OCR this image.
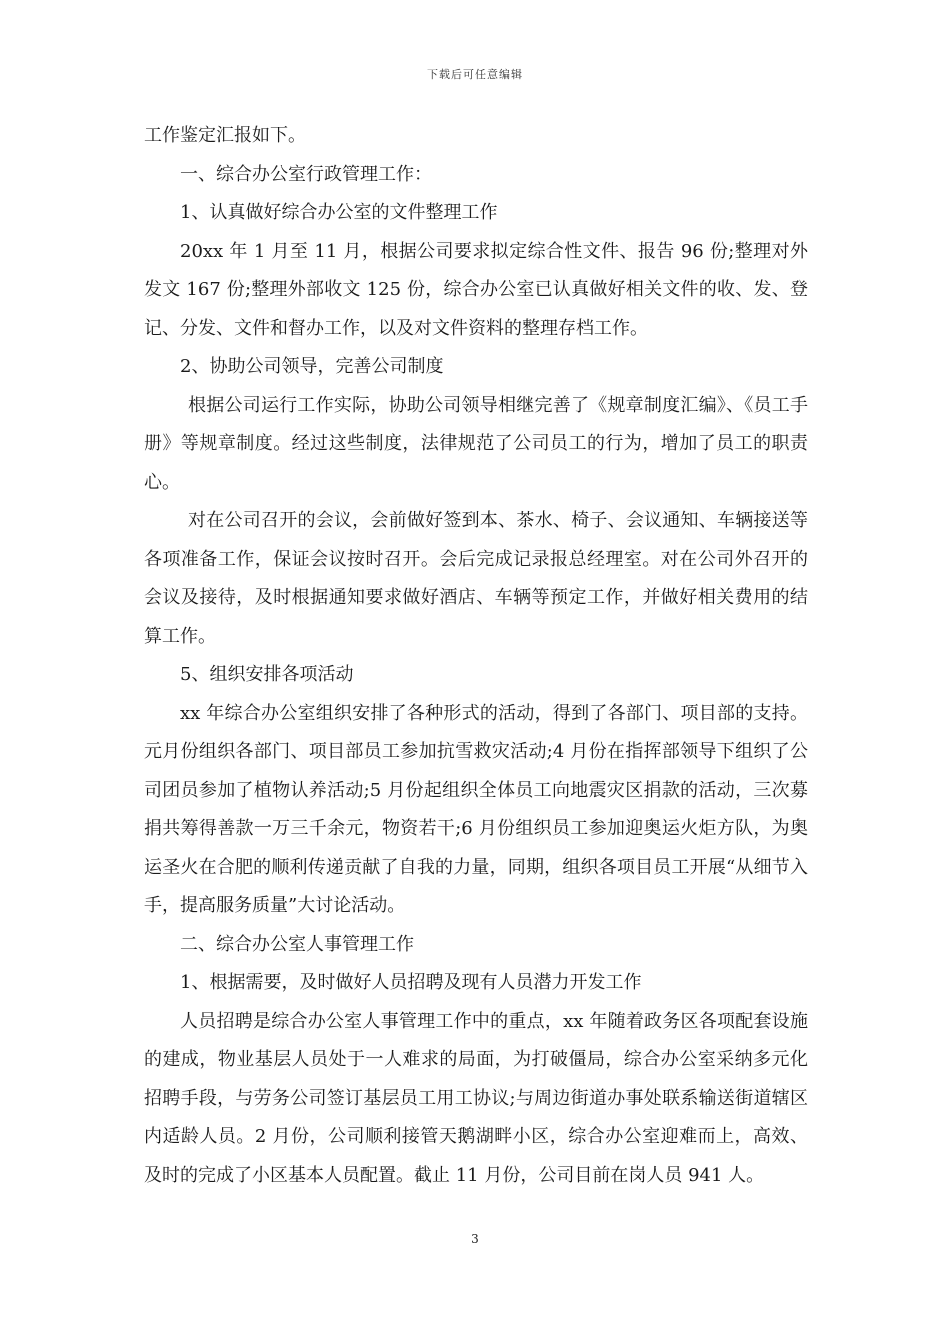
下载后可任意编辑

工作鉴定汇报如下。

一、综合办公室行政管理工作：

1、认真做好综合办公室的文件整理工作

20xx 年 1 月至 11 月，根据公司要求拟定综合性文件、报告 96 份;整理对外发文 167 份;整理外部收文 125 份，综合办公室已认真做好相关文件的收、发、登记、分发、文件和督办工作，以及对文件资料的整理存档工作。

2、协助公司领导，完善公司制度

根据公司运行工作实际，协助公司领导相继完善了《规章制度汇编》、《员工手册》等规章制度。经过这些制度，法律规范了公司员工的行为，增加了员工的职责心。

对在公司召开的会议，会前做好签到本、茶水、椅子、会议通知、车辆接送等各项准备工作，保证会议按时召开。会后完成记录报总经理室。对在公司外召开的会议及接待，及时根据通知要求做好酒店、车辆等预定工作，并做好相关费用的结算工作。

5、组织安排各项活动

xx 年综合办公室组织安排了各种形式的活动，得到了各部门、项目部的支持。元月份组织各部门、项目部员工参加抗雪救灾活动;4 月份在指挥部领导下组织了公司团员参加了植物认养活动;5 月份起组织全体员工向地震灾区捐款的活动，三次募捐共筹得善款一万三千余元，物资若干;6 月份组织员工参加迎奥运火炬方队，为奥运圣火在合肥的顺利传递贡献了自我的力量，同期，组织各项目员工开展“从细节入手，提高服务质量”大讨论活动。

二、综合办公室人事管理工作

1、根据需要，及时做好人员招聘及现有人员潜力开发工作

人员招聘是综合办公室人事管理工作中的重点，xx 年随着政务区各项配套设施的建成，物业基层人员处于一人难求的局面，为打破僵局，综合办公室采纳多元化招聘手段，与劳务公司签订基层员工用工协议;与周边街道办事处联系输送街道辖区内适龄人员。2 月份，公司顺利接管天鹅湖畔小区，综合办公室迎难而上，高效、及时的完成了小区基本人员配置。截止 11 月份，公司目前在岗人员 941 人。

3
